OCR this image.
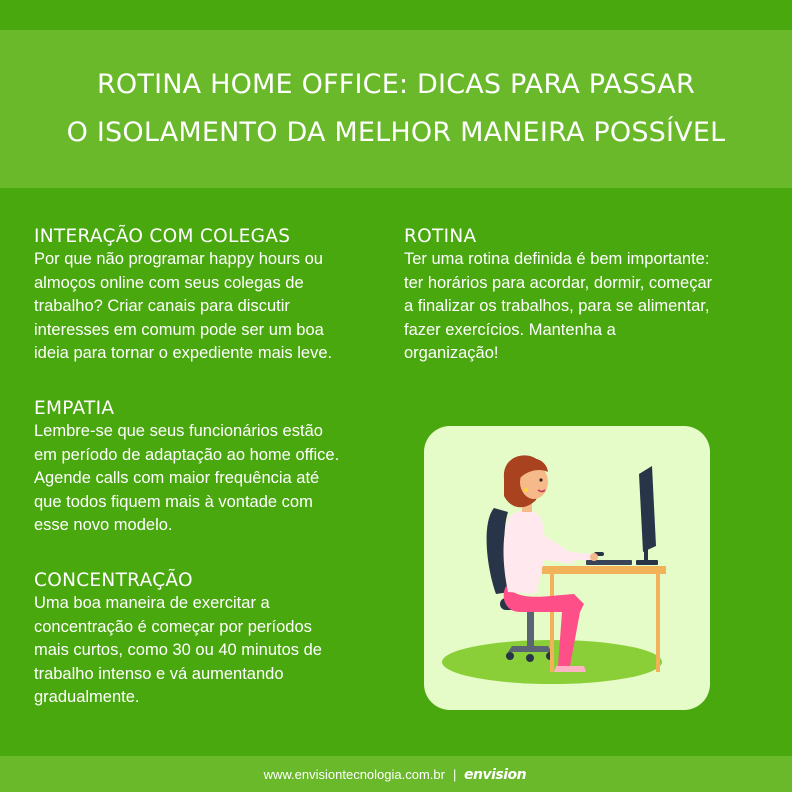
ROTINA HOME OFFICE: DICAS PARA PASSAR
O ISOLAMENTO DA MELHOR MANEIRA POSSÍVEL
INTERAÇÃO COM COLEGAS

Por que não programar happy hours ou

almoços online com seus colegas de

trabalho? Criar canais para discutir

interesses em comum pode ser um boa

ideia para tornar o expediente mais leve.

ROTINA

Ter uma rotina definida é bem importante:

ter horários para acordar, dormir, começar

a finalizar os trabalhos, para se alimentar,

fazer exercícios. Mantenha a

organização!

EMPATIA

Lembre-se que seus funcionários estão

em período de adaptação ao home office.

Agende calls com maior frequência até

que todos fiquem mais à vontade com

esse novo modelo.

CONCENTRAÇÃO

Uma boa maneira de exercitar a

concentração é começar por períodos

mais curtos, como 30 ou 40 minutos de

trabalho intenso e vá aumentando

gradualmente.

www.envisiontecnologia.com.br | envision
